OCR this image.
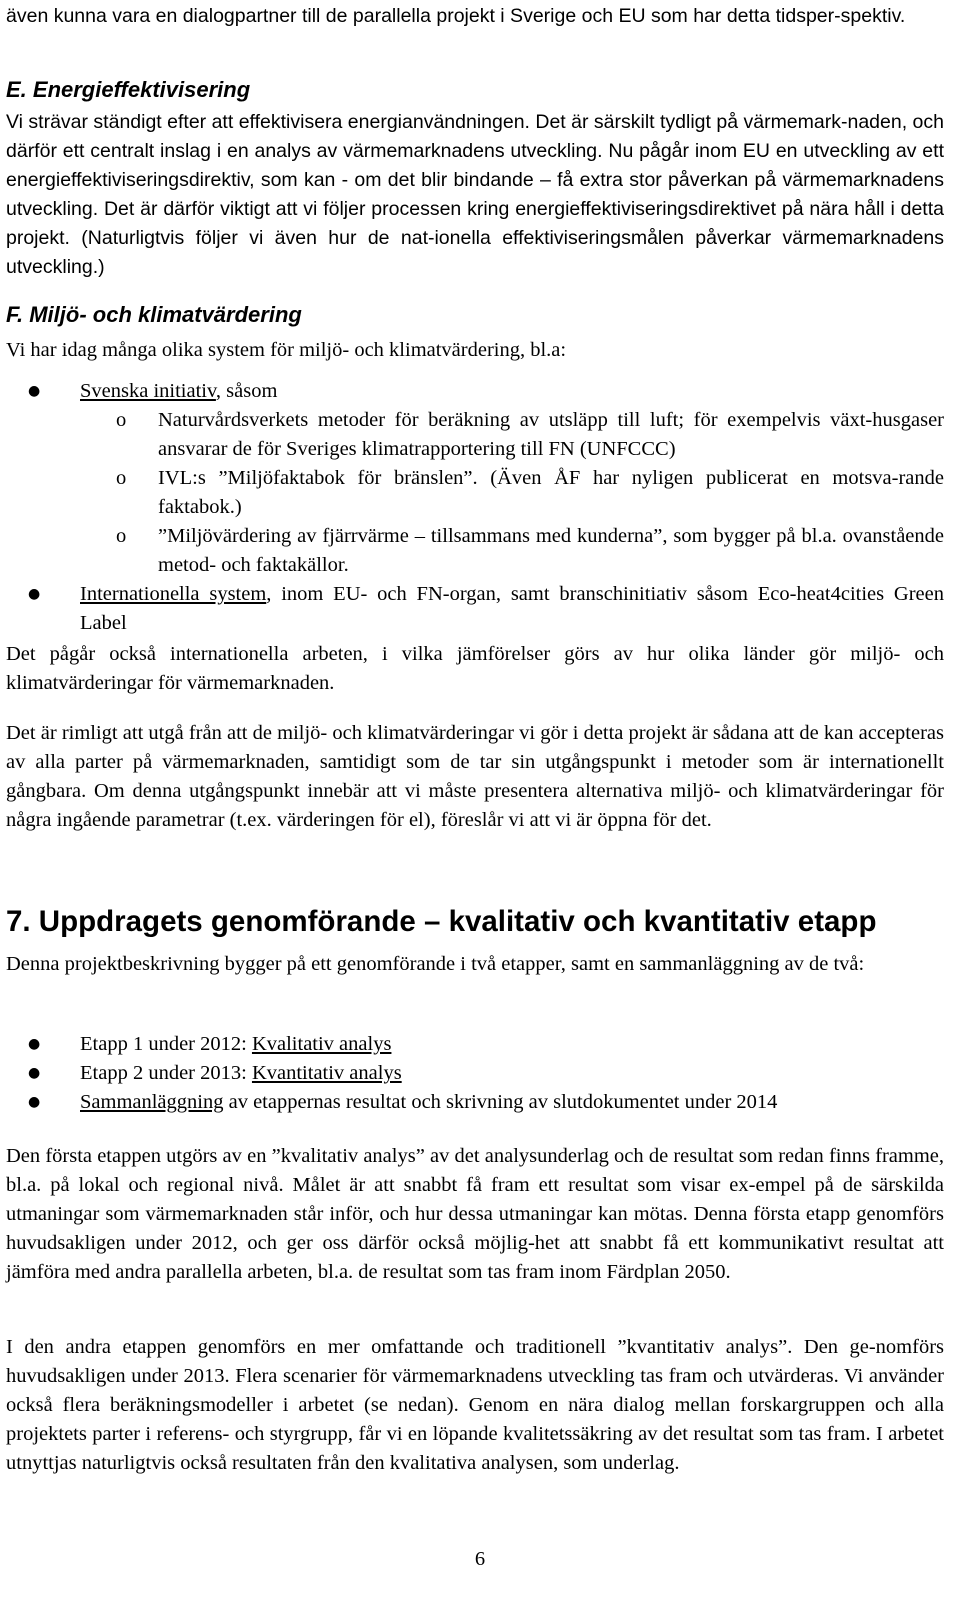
även kunna vara en dialogpartner till de parallella projekt i Sverige och EU som har detta tidsper-spektiv.

E. Energieffektivisering

Vi strävar ständigt efter att effektivisera energianvändningen. Det är särskilt tydligt på värmemark-naden, och därför ett centralt inslag i en analys av värmemarknadens utveckling. Nu pågår inom EU en utveckling av ett energieffektiviseringsdirektiv, som kan - om det blir bindande – få extra stor påverkan på värmemarknadens utveckling. Det är därför viktigt att vi följer processen kring energieffektiviseringsdirektivet på nära håll i detta projekt. (Naturligtvis följer vi även hur de nat-ionella effektiviseringsmålen påverkar värmemarknadens utveckling.)

F. Miljö- och klimatvärdering

Vi har idag många olika system för miljö- och klimatvärdering, bl.a:

●	Svenska initiativ, såsom

o	Naturvårdsverkets metoder för beräkning av utsläpp till luft; för exempelvis växt-husgaser ansvarar de för Sveriges klimatrapportering till FN (UNFCCC)

o	IVL:s ”Miljöfaktabok för bränslen”. (Även ÅF har nyligen publicerat en motsva-rande faktabok.)

o	”Miljövärdering av fjärrvärme – tillsammans med kunderna”, som bygger på bl.a. ovanstående metod- och faktakällor.

●	Internationella system, inom EU- och FN-organ, samt branschinitiativ såsom Eco-heat4cities Green Label

Det pågår också internationella arbeten, i vilka jämförelser görs av hur olika länder gör miljö- och klimatvärderingar för värmemarknaden.

Det är rimligt att utgå från att de miljö- och klimatvärderingar vi gör i detta projekt är sådana att de kan accepteras av alla parter på värmemarknaden, samtidigt som de tar sin utgångspunkt i metoder som är internationellt gångbara. Om denna utgångspunkt innebär att vi måste presentera alternativa miljö- och klimatvärderingar för några ingående parametrar (t.ex. värderingen för el), föreslår vi att vi är öppna för det.

7. Uppdragets genomförande – kvalitativ och kvantitativ etapp

Denna projektbeskrivning bygger på ett genomförande i två etapper, samt en sammanläggning av de två:

●	Etapp 1 under 2012: Kvalitativ analys

●	Etapp 2 under 2013: Kvantitativ analys

●	Sammanläggning av etappernas resultat och skrivning av slutdokumentet under 2014

Den första etappen utgörs av en ”kvalitativ analys” av det analysunderlag och de resultat som redan finns framme, bl.a. på lokal och regional nivå. Målet är att snabbt få fram ett resultat som visar ex-empel på de särskilda utmaningar som värmemarknaden står inför, och hur dessa utmaningar kan mötas. Denna första etapp genomförs huvudsakligen under 2012, och ger oss därför också möjlig-het att snabbt få ett kommunikativt resultat att jämföra med andra parallella arbeten, bl.a. de resultat som tas fram inom Färdplan 2050.

I den andra etappen genomförs en mer omfattande och traditionell ”kvantitativ analys”. Den ge-nomförs huvudsakligen under 2013. Flera scenarier för värmemarknadens utveckling tas fram och utvärderas. Vi använder också flera beräkningsmodeller i arbetet (se nedan). Genom en nära dialog mellan forskargruppen och alla projektets parter i referens- och styrgrupp, får vi en löpande kvalitetssäkring av det resultat som tas fram. I arbetet utnyttjas naturligtvis också resultaten från den kvalitativa analysen, som underlag.

6
